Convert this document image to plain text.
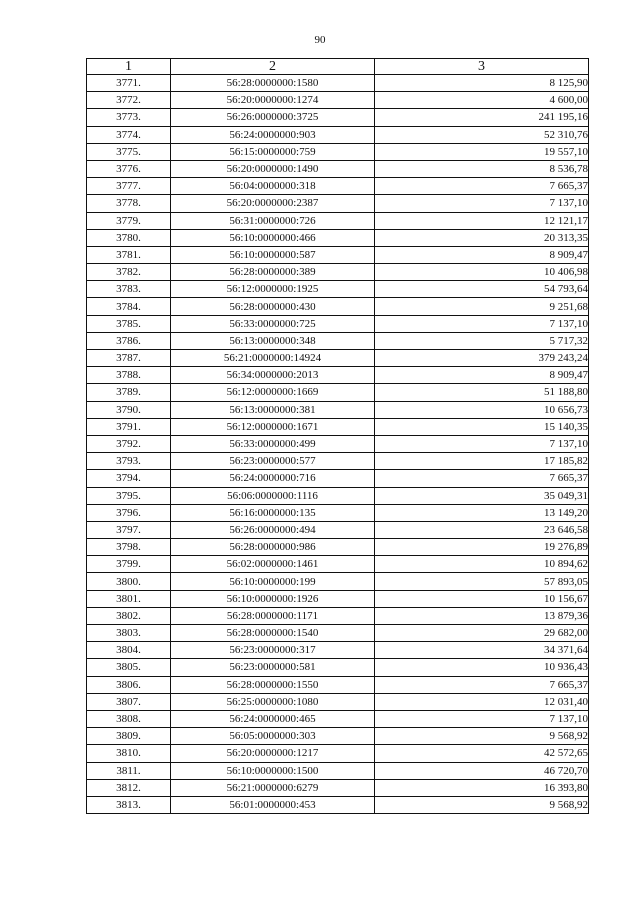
90
1	2	3
3771.	56:28:0000000:1580	8 125,90
3772.	56:20:0000000:1274	4 600,00
3773.	56:26:0000000:3725	241 195,16
3774.	56:24:0000000:903	52 310,76
3775.	56:15:0000000:759	19 557,10
3776.	56:20:0000000:1490	8 536,78
3777.	56:04:0000000:318	7 665,37
3778.	56:20:0000000:2387	7 137,10
3779.	56:31:0000000:726	12 121,17
3780.	56:10:0000000:466	20 313,35
3781.	56:10:0000000:587	8 909,47
3782.	56:28:0000000:389	10 406,98
3783.	56:12:0000000:1925	54 793,64
3784.	56:28:0000000:430	9 251,68
3785.	56:33:0000000:725	7 137,10
3786.	56:13:0000000:348	5 717,32
3787.	56:21:0000000:14924	379 243,24
3788.	56:34:0000000:2013	8 909,47
3789.	56:12:0000000:1669	51 188,80
3790.	56:13:0000000:381	10 656,73
3791.	56:12:0000000:1671	15 140,35
3792.	56:33:0000000:499	7 137,10
3793.	56:23:0000000:577	17 185,82
3794.	56:24:0000000:716	7 665,37
3795.	56:06:0000000:1116	35 049,31
3796.	56:16:0000000:135	13 149,20
3797.	56:26:0000000:494	23 646,58
3798.	56:28:0000000:986	19 276,89
3799.	56:02:0000000:1461	10 894,62
3800.	56:10:0000000:199	57 893,05
3801.	56:10:0000000:1926	10 156,67
3802.	56:28:0000000:1171	13 879,36
3803.	56:28:0000000:1540	29 682,00
3804.	56:23:0000000:317	34 371,64
3805.	56:23:0000000:581	10 936,43
3806.	56:28:0000000:1550	7 665,37
3807.	56:25:0000000:1080	12 031,40
3808.	56:24:0000000:465	7 137,10
3809.	56:05:0000000:303	9 568,92
3810.	56:20:0000000:1217	42 572,65
3811.	56:10:0000000:1500	46 720,70
3812.	56:21:0000000:6279	16 393,80
3813.	56:01:0000000:453	9 568,92
